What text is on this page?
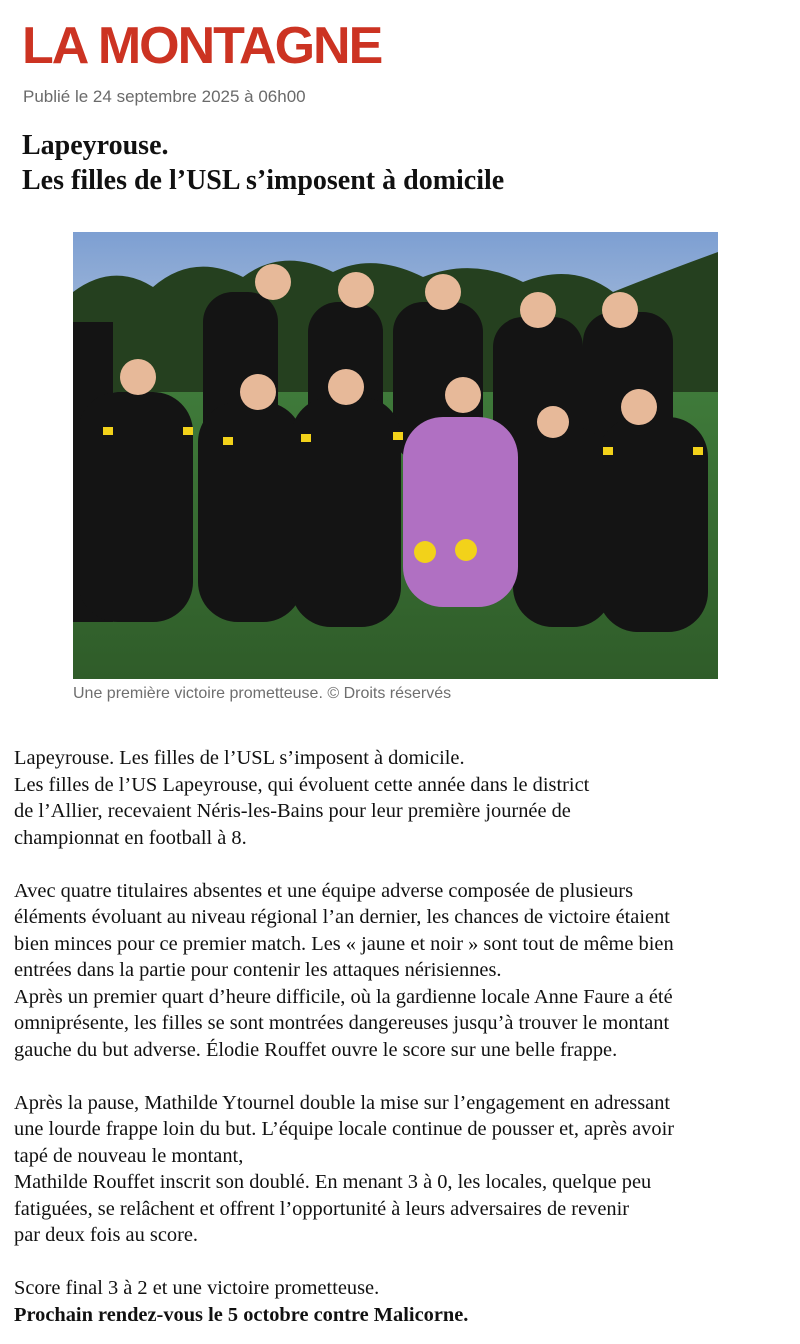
LA MONTAGNE
Publié le 24 septembre 2025 à 06h00
Lapeyrouse.
Les filles de l’USL s’imposent à domicile
Une première victoire prometteuse. © Droits réservés
Lapeyrouse. Les filles de l’USL s’imposent à domicile.
Les filles de l’US Lapeyrouse, qui évoluent cette année dans le district
de l’Allier, recevaient Néris-les-Bains pour leur première journée de
championnat en football à 8.
Avec quatre titulaires absentes et une équipe adverse composée de plusieurs
éléments évoluant au niveau régional l’an dernier, les chances de victoire étaient
bien minces pour ce premier match. Les « jaune et noir » sont tout de même bien
entrées dans la partie pour contenir les attaques nérisiennes.
Après un premier quart d’heure difficile, où la gardienne locale Anne Faure a été
omniprésente, les filles se sont montrées dangereuses jusqu’à trouver le montant
gauche du but adverse. Élodie Rouffet ouvre le score sur une belle frappe.
Après la pause, Mathilde Ytournel double la mise sur l’engagement en adressant
une lourde frappe loin du but. L’équipe locale continue de pousser et, après avoir
tapé de nouveau le montant,
Mathilde Rouffet inscrit son doublé. En menant 3 à 0, les locales, quelque peu
fatiguées, se relâchent et offrent l’opportunité à leurs adversaires de revenir
par deux fois au score.
Score final 3 à 2 et une victoire prometteuse.
Prochain rendez-vous le 5 octobre contre Malicorne.
